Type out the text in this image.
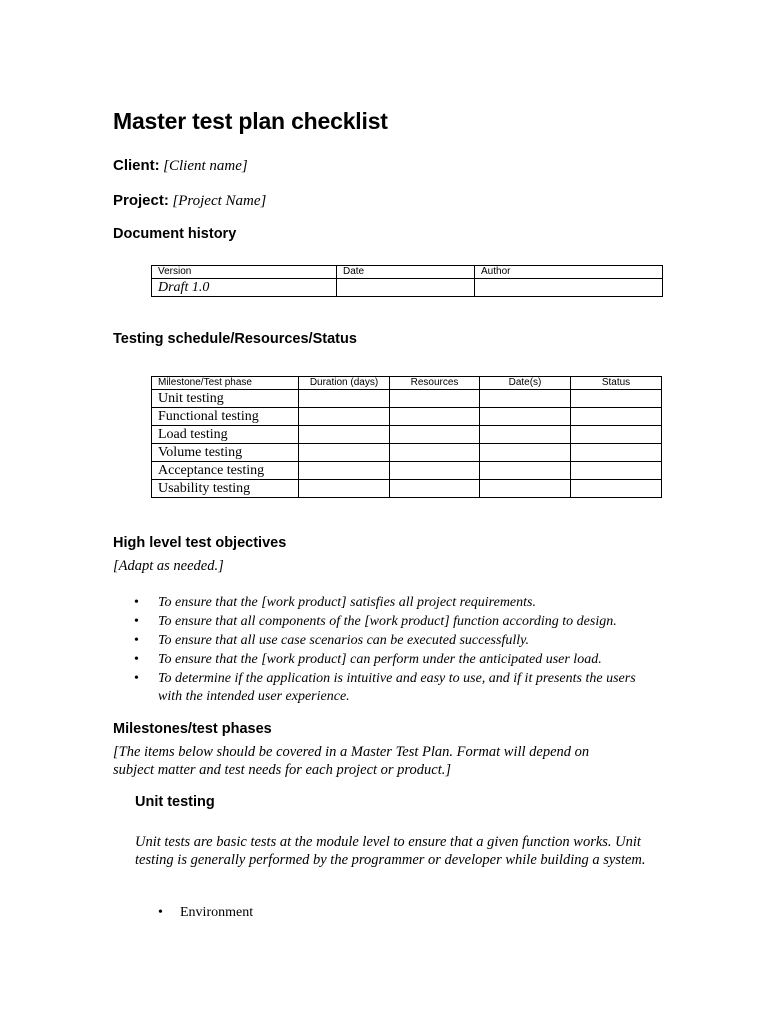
Master test plan checklist
Client: [Client name]
Project: [Project Name]
Document history
Version	Date	Author
Draft 1.0		
Testing schedule/Resources/Status
Milestone/Test phase	Duration (days)	Resources	Date(s)	Status
Unit testing				
Functional testing				
Load testing				
Volume testing				
Acceptance testing				
Usability testing				
High level test objectives
[Adapt as needed.]
• To ensure that the [work product] satisfies all project requirements.
• To ensure that all components of the [work product] function according to design.
• To ensure that all use case scenarios can be executed successfully.
• To ensure that the [work product] can perform under the anticipated user load.
• To determine if the application is intuitive and easy to use, and if it presents the users with the intended user experience.
Milestones/test phases
[The items below should be covered in a Master Test Plan. Format will depend on subject matter and test needs for each project or product.]
Unit testing
Unit tests are basic tests at the module level to ensure that a given function works. Unit testing is generally performed by the programmer or developer while building a system.
• Environment
